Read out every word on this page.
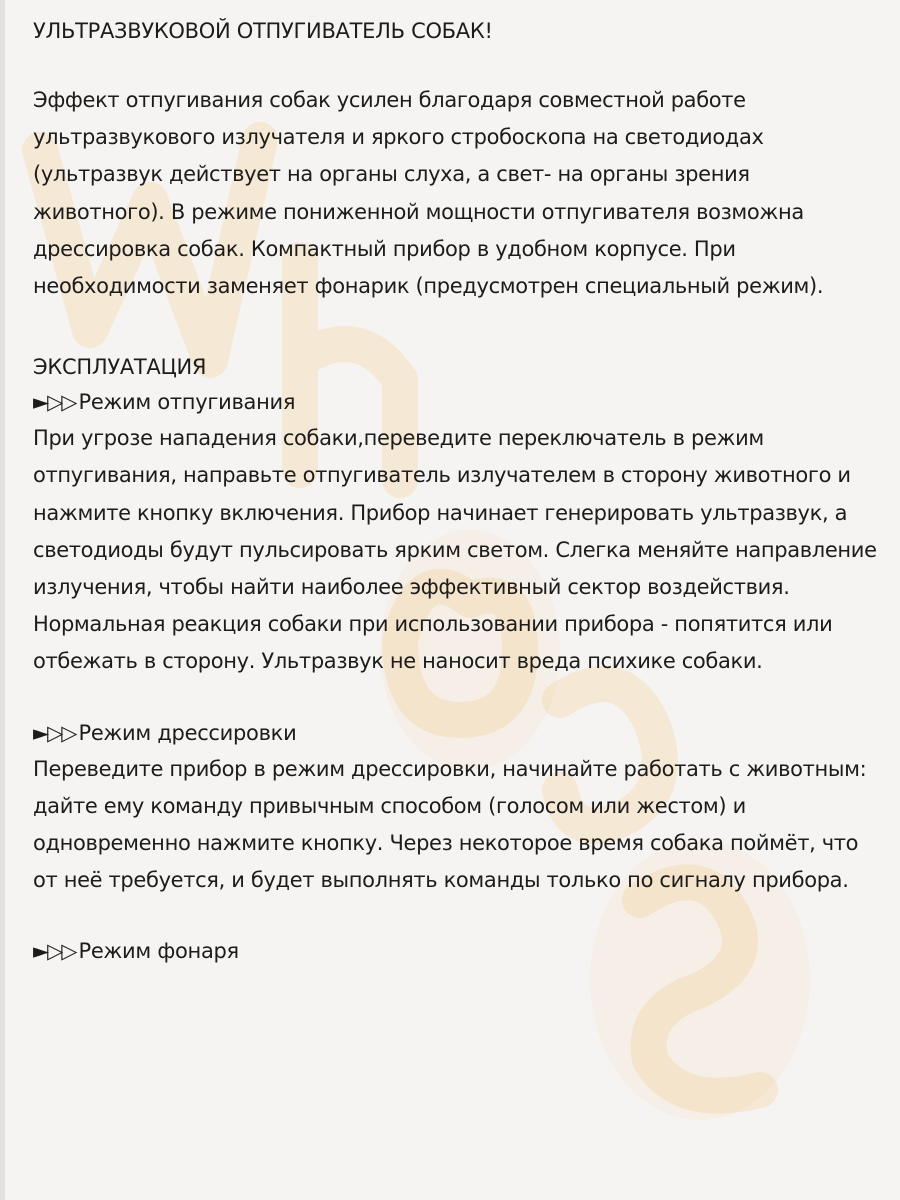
УЛЬТРАЗВУКОВОЙ ОТПУГИВАТЕЛЬ СОБАК!

Эффект отпугивания собак усилен благодаря совместной работе ультразвукового излучателя и яркого стробоскопа на светодиодах (ультразвук действует на органы слуха, а свет- на органы зрения животного). В режиме пониженной мощности отпугивателя возможна дрессировка собак. Компактный прибор в удобном корпусе. При необходимости заменяет фонарик (предусмотрен специальный режим).

ЭКСПЛУАТАЦИЯ
►▷▷ Режим отпугивания

При угрозе нападения собаки,переведите переключатель в режим отпугивания, направьте отпугиватель излучателем в сторону животного и нажмите кнопку включения. Прибор начинает генерировать ультразвук, а светодиоды будут пульсировать ярким светом. Слегка меняйте направление излучения, чтобы найти наиболее эффективный сектор воздействия. Нормальная реакция собаки при использовании прибора - попятится или отбежать в сторону. Ультразвук не наносит вреда психике собаки.

►▷▷ Режим дрессировки

Переведите прибор в режим дрессировки, начинайте работать с животным: дайте ему команду привычным способом (голосом или жестом) и одновременно нажмите кнопку. Через некоторое время собака поймёт, что от неё требуется, и будет выполнять команды только по сигналу прибора.

►▷▷ Режим фонаря
